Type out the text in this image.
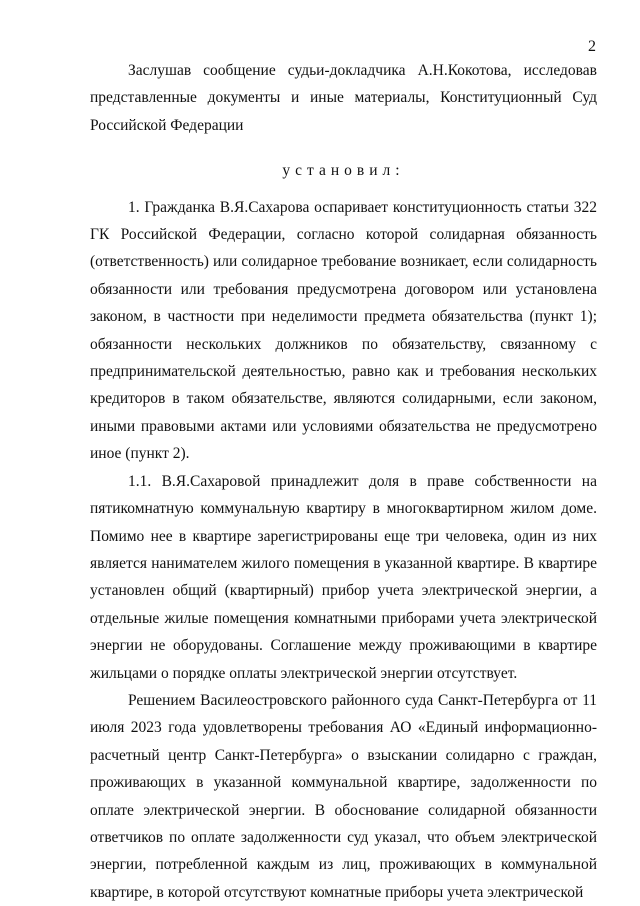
2

Заслушав сообщение судьи-докладчика А.Н.Кокотова, исследовав представленные документы и иные материалы, Конституционный Суд Российской Федерации

установил:

1. Гражданка В.Я.Сахарова оспаривает конституционность статьи 322 ГК Российской Федерации, согласно которой солидарная обязанность (ответственность) или солидарное требование возникает, если солидарность обязанности или требования предусмотрена договором или установлена законом, в частности при неделимости предмета обязательства (пункт 1); обязанности нескольких должников по обязательству, связанному с предпринимательской деятельностью, равно как и требования нескольких кредиторов в таком обязательстве, являются солидарными, если законом, иными правовыми актами или условиями обязательства не предусмотрено иное (пункт 2).

1.1. В.Я.Сахаровой принадлежит доля в праве собственности на пятикомнатную коммунальную квартиру в многоквартирном жилом доме. Помимо нее в квартире зарегистрированы еще три человека, один из них является нанимателем жилого помещения в указанной квартире. В квартире установлен общий (квартирный) прибор учета электрической энергии, а отдельные жилые помещения комнатными приборами учета электрической энергии не оборудованы. Соглашение между проживающими в квартире жильцами о порядке оплаты электрической энергии отсутствует.

Решением Василеостровского районного суда Санкт-Петербурга от 11 июля 2023 года удовлетворены требования АО «Единый информационно-расчетный центр Санкт-Петербурга» о взыскании солидарно с граждан, проживающих в указанной коммунальной квартире, задолженности по оплате электрической энергии. В обоснование солидарной обязанности ответчиков по оплате задолженности суд указал, что объем электрической энергии, потребленной каждым из лиц, проживающих в коммунальной квартире, в которой отсутствуют комнатные приборы учета электрической
